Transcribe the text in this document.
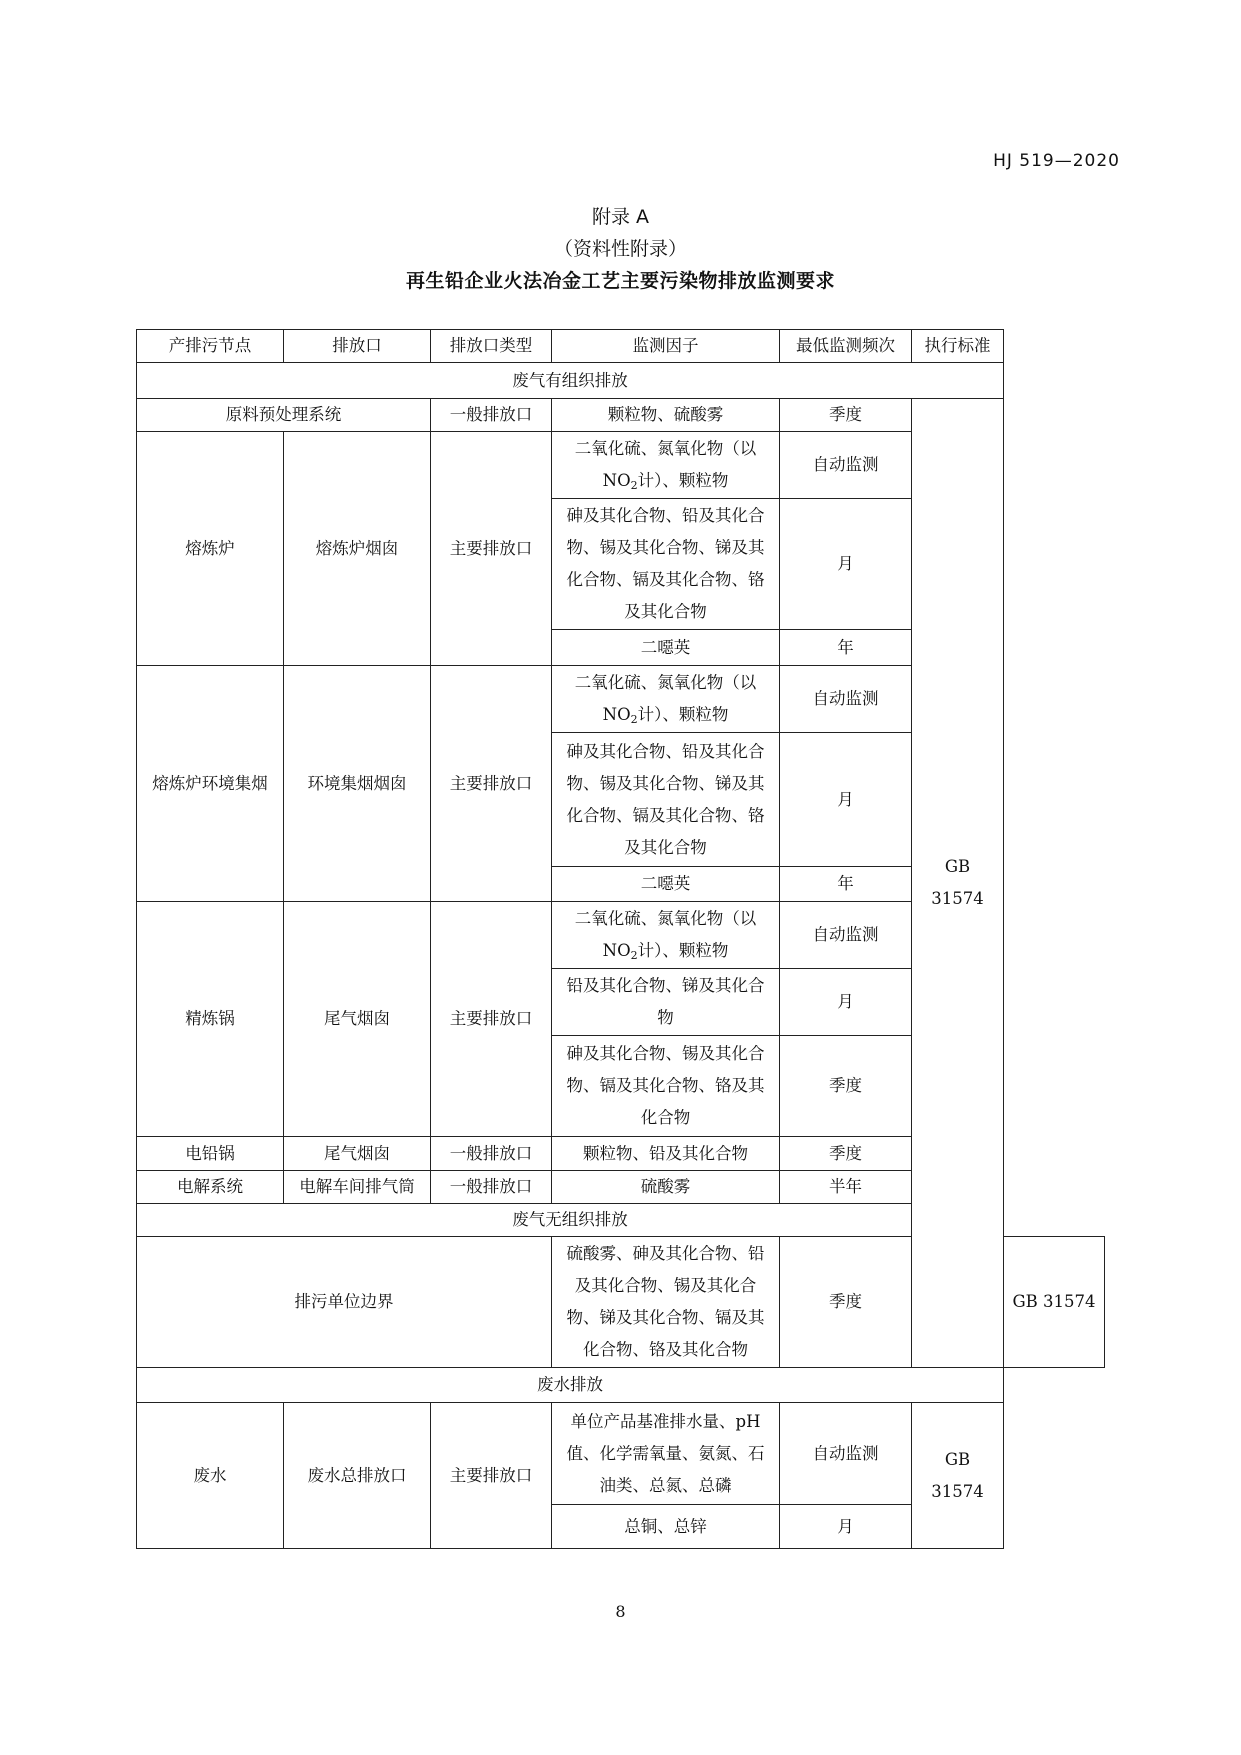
HJ 519—2020
附录 A
（资料性附录）
再生铅企业火法冶金工艺主要污染物排放监测要求
产排污节点	排放口	排放口类型	监测因子	最低监测频次	执行标准	
废气有组织排放						
原料预处理系统		一般排放口	颗粒物、硫酸雾	季度	GB 31574	
熔炼炉	熔炼炉烟囱	主要排放口	二氧化硫、氮氧化物（以$NO_2$计）、颗粒物	自动监测		
			砷及其化合物、铅及其化合物、锡及其化合物、锑及其化合物、镉及其化合物、铬及其化合物	月		
			二噁英	年		
熔炼炉环境集烟	环境集烟烟囱	主要排放口	二氧化硫、氮氧化物（以$NO_2$计）、颗粒物	自动监测		
			砷及其化合物、铅及其化合物、锡及其化合物、锑及其化合物、镉及其化合物、铬及其化合物	月		
			二噁英	年		
精炼锅	尾气烟囱	主要排放口	二氧化硫、氮氧化物（以$NO_2$计）、颗粒物	自动监测		
			铅及其化合物、锑及其化合物	月		
			砷及其化合物、锡及其化合物、镉及其化合物、铬及其化合物	季度		
电铅锅	尾气烟囱	一般排放口	颗粒物、铅及其化合物	季度		
电解系统	电解车间排气筒	一般排放口	硫酸雾	半年		
废气无组织排放						
排污单位边界			硫酸雾、砷及其化合物、铅及其化合物、锡及其化合物、锑及其化合物、镉及其化合物、铬及其化合物	季度		GB 31574
废水排放						
废水	废水总排放口	主要排放口	单位产品基准排水量、pH值、化学需氧量、氨氮、石油类、总氮、总磷	自动监测	GB 31574	
			总铜、总锌	月		
8
